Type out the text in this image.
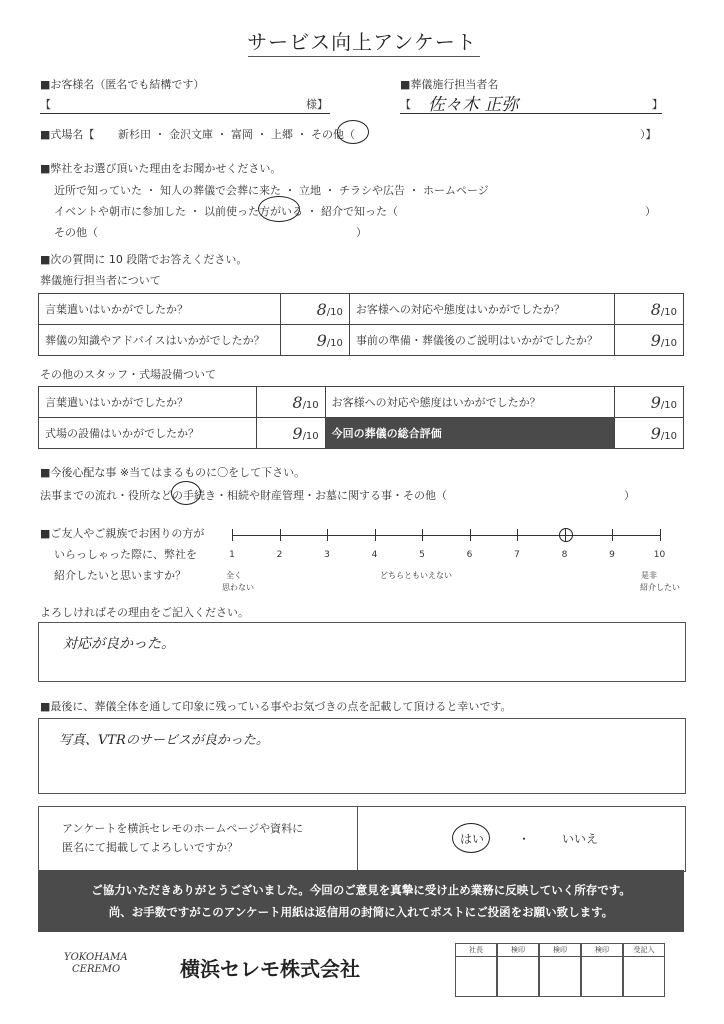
サービス向上アンケート
■お客様名（匿名でも結構です）
【	様】
■葬儀施行担当者名
【 佐々木 正弥	】
■式場名【 新杉田 ・ 金沢文庫 ・ 富岡 ・ 上郷 ・ その他（	）】
■弊社をお選び頂いた理由をお聞かせください。
近所で知っていた ・ 知人の葬儀で会葬に来た ・ 立地 ・ チラシや広告 ・ ホームページ
イベントや朝市に参加した ・ 以前使った方がいる ・ 紹介で知った（	）
その他（	）
■次の質問に 10 段階でお答えください。
葬儀施行担当者について
言葉遣いはいかがでしたか？	8/10	お客様への対応や態度はいかがでしたか？	8/10
葬儀の知識やアドバイスはいかがでしたか？	9/10	事前の準備・葬儀後のご説明はいかがでしたか？	9/10
その他のスタッフ・式場設備ついて
言葉遣いはいかがでしたか？	8/10	お客様への対応や態度はいかがでしたか？	9/10
式場の設備はいかがでしたか？	9/10	今回の葬儀の総合評価	9/10
■今後心配な事 ※当てはまるものに〇をして下さい。
法事までの流れ・役所などの手続き・相続や財産管理・お墓に関する事・その他（	）
■ご友人やご親族でお困りの方が
いらっしゃった際に、弊社を
紹介したいと思いますか？
1	2	3	4	5	6	7	8	9	10
全く
思わない
どちらともいえない	是非
紹介したい
よろしければその理由をご記入ください。
対応が良かった。
■最後に、葬儀全体を通して印象に残っている事やお気づきの点を記載して頂けると幸いです。
写真、VTRのサービスが良かった。
アンケートを横浜セレモのホームページや資料に
匿名にて掲載してよろしいですか？
はい	・	いいえ
ご協力いただきありがとうございました。今回のご意見を真摯に受け止め業務に反映していく所存です。
尚、お手数ですがこのアンケート用紙は返信用の封筒に入れてポストにご投函をお願い致します。
YOKOHAMA
CEREMO	横浜セレモ株式会社
社長	検印	検印	検印	受記入
